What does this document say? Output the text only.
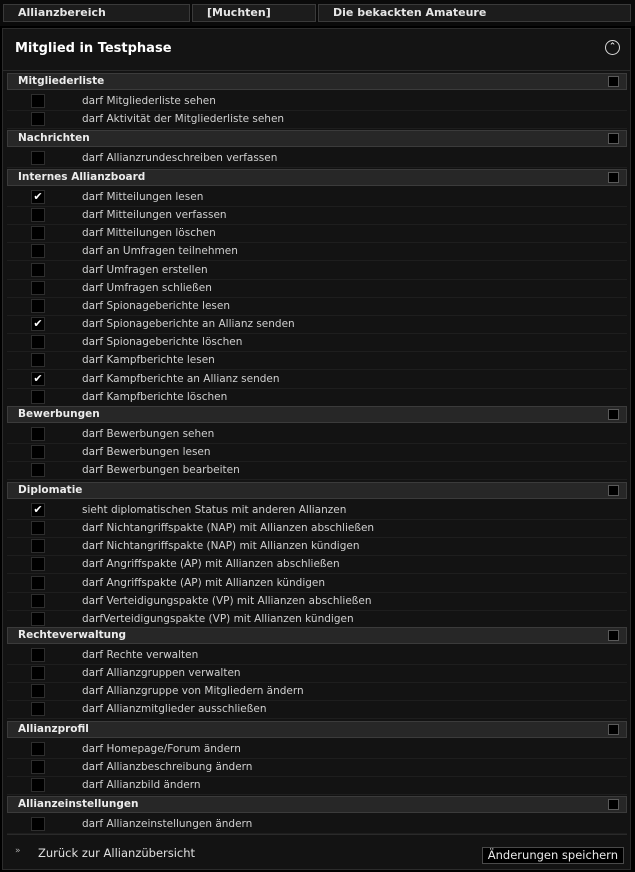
Allianzbereich	[Muchten]	Die bekackten Amateure
Mitglied in Testphase	⌃
Mitgliederliste
darf Mitgliederliste sehen
darf Aktivität der Mitgliederliste sehen
Nachrichten
darf Allianzrundeschreiben verfassen
Internes Allianzboard
✔	darf Mitteilungen lesen
darf Mitteilungen verfassen
darf Mitteilungen löschen
darf an Umfragen teilnehmen
darf Umfragen erstellen
darf Umfragen schließen
darf Spionageberichte lesen
✔	darf Spionageberichte an Allianz senden
darf Spionageberichte löschen
darf Kampfberichte lesen
✔	darf Kampfberichte an Allianz senden
darf Kampfberichte löschen
Bewerbungen
darf Bewerbungen sehen
darf Bewerbungen lesen
darf Bewerbungen bearbeiten
Diplomatie
✔	sieht diplomatischen Status mit anderen Allianzen
darf Nichtangriffspakte (NAP) mit Allianzen abschließen
darf Nichtangriffspakte (NAP) mit Allianzen kündigen
darf Angriffspakte (AP) mit Allianzen abschließen
darf Angriffspakte (AP) mit Allianzen kündigen
darf Verteidigungspakte (VP) mit Allianzen abschließen
darfVerteidigungspakte (VP) mit Allianzen kündigen
Rechteverwaltung
darf Rechte verwalten
darf Allianzgruppen verwalten
darf Allianzgruppe von Mitgliedern ändern
darf Allianzmitglieder ausschließen
Allianzprofil
darf Homepage/Forum ändern
darf Allianzbeschreibung ändern
darf Allianzbild ändern
Allianzeinstellungen
darf Allianzeinstellungen ändern
» Zurück zur Allianzübersicht	Änderungen speichern
